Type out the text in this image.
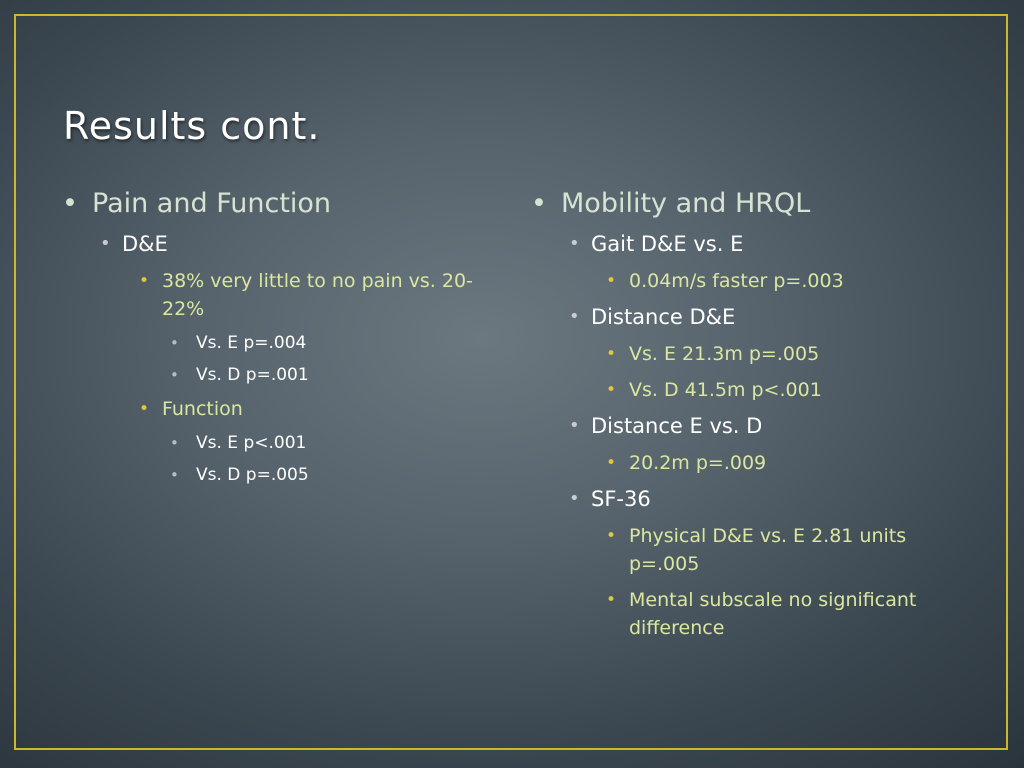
Results cont.

• Pain and Function

• D&E

• 38% very little to no pain vs. 20-22%

• Vs. E p=.004

• Vs. D p=.001

• Function

• Vs. E p<.001

• Vs. D p=.005

• Mobility and HRQL

• Gait D&E vs. E

• 0.04m/s faster p=.003

• Distance D&E

• Vs. E 21.3m p=.005

• Vs. D 41.5m p<.001

• Distance E vs. D

• 20.2m p=.009

• SF-36

• Physical D&E vs. E 2.81 units p=.005

• Mental subscale no significant difference
